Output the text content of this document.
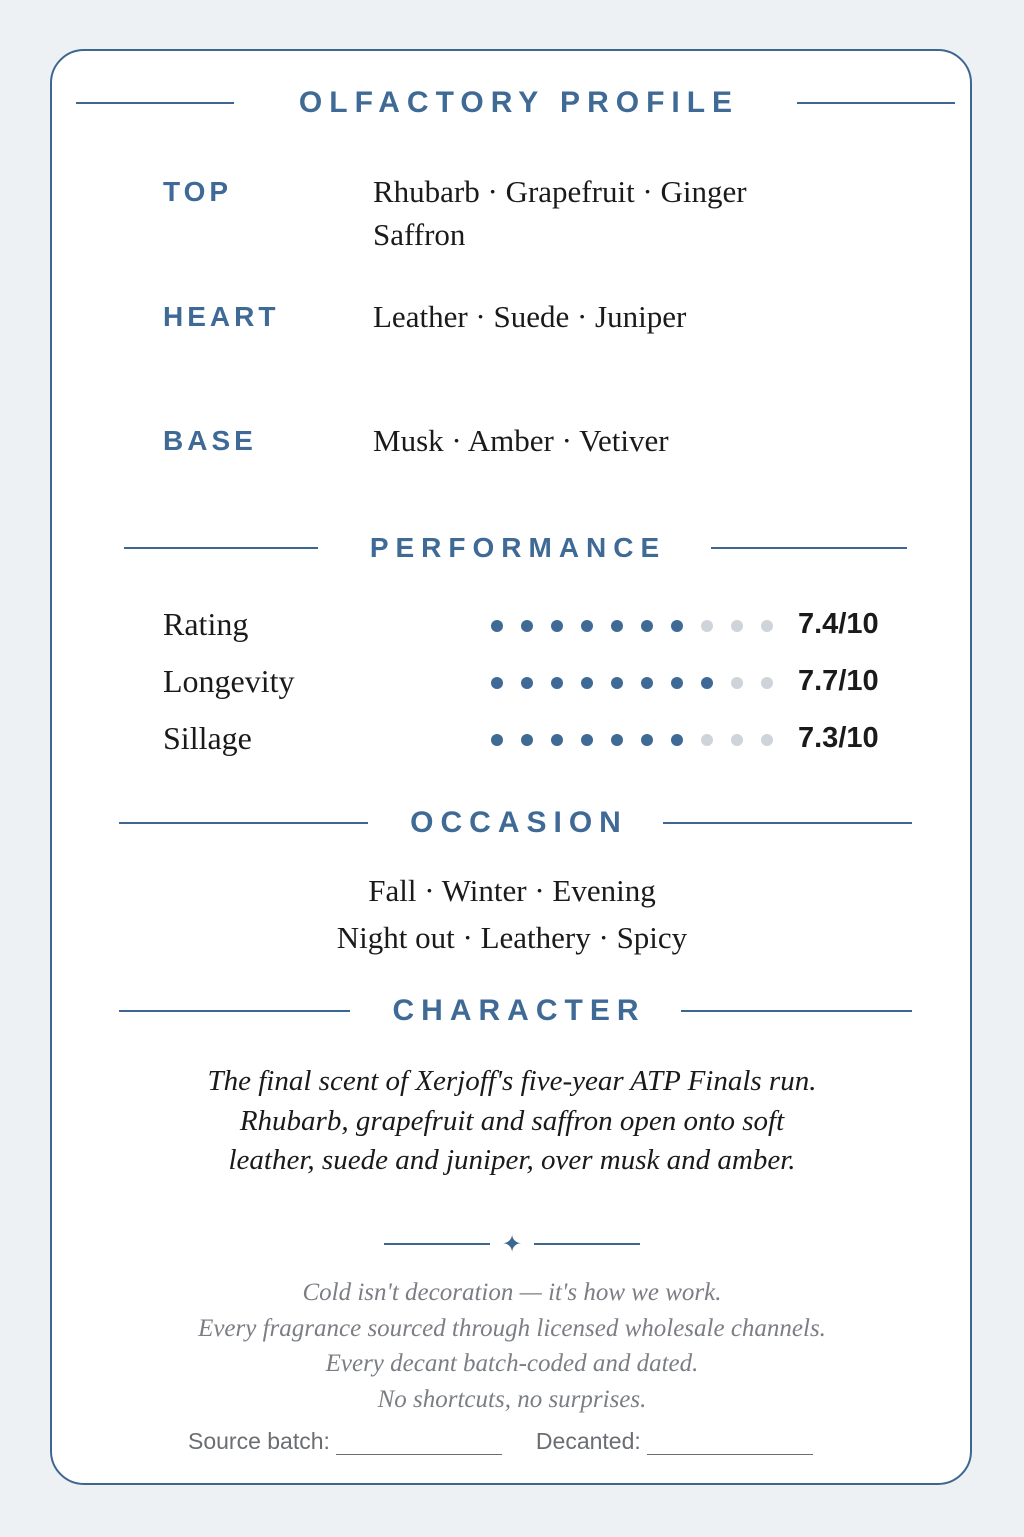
OLFACTORY PROFILE
TOP	Rhubarb · Grapefruit · Ginger
Saffron
HEART	Leather · Suede · Juniper
BASE	Musk · Amber · Vetiver
PERFORMANCE
Rating	7.4/10
Longevity	7.7/10
Sillage	7.3/10
OCCASION
Fall · Winter · Evening
Night out · Leathery · Spicy
CHARACTER
The final scent of Xerjoff's five-year ATP Finals run.
Rhubarb, grapefruit and saffron open onto soft
leather, suede and juniper, over musk and amber.
✦
Cold isn't decoration — it's how we work.
Every fragrance sourced through licensed wholesale channels.
Every decant batch-coded and dated.
No shortcuts, no surprises.
Source batch:	Decanted:
